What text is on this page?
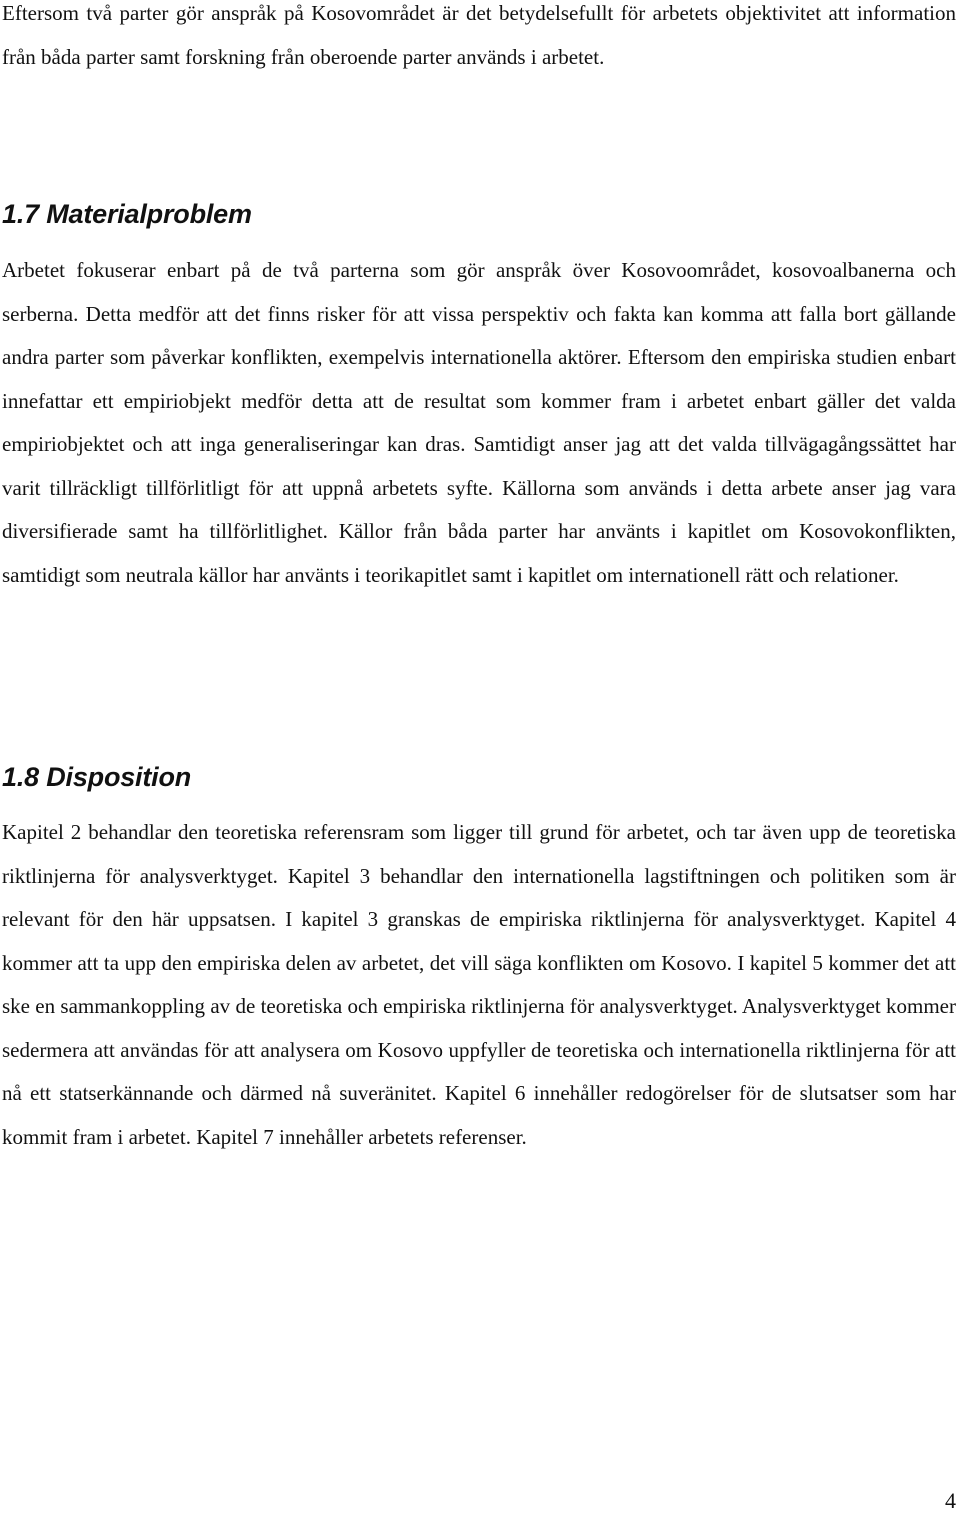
Eftersom två parter gör anspråk på Kosovområdet är det betydelsefullt för arbetets objektivitet att information från båda parter samt forskning från oberoende parter används i arbetet.

1.7 Materialproblem

Arbetet fokuserar enbart på de två parterna som gör anspråk över Kosovoområdet, kosovoalbanerna och serberna. Detta medför att det finns risker för att vissa perspektiv och fakta kan komma att falla bort gällande andra parter som påverkar konflikten, exempelvis internationella aktörer. Eftersom den empiriska studien enbart innefattar ett empiriobjekt medför detta att de resultat som kommer fram i arbetet enbart gäller det valda empiriobjektet och att inga generaliseringar kan dras. Samtidigt anser jag att det valda tillvägagångssättet har varit tillräckligt tillförlitligt för att uppnå arbetets syfte. Källorna som används i detta arbete anser jag vara diversifierade samt ha tillförlitlighet. Källor från båda parter har använts i kapitlet om Kosovokonflikten, samtidigt som neutrala källor har använts i teorikapitlet samt i kapitlet om internationell rätt och relationer.

1.8 Disposition

Kapitel 2 behandlar den teoretiska referensram som ligger till grund för arbetet, och tar även upp de teoretiska riktlinjerna för analysverktyget. Kapitel 3 behandlar den internationella lagstiftningen och politiken som är relevant för den här uppsatsen. I kapitel 3 granskas de empiriska riktlinjerna för analysverktyget. Kapitel 4 kommer att ta upp den empiriska delen av arbetet, det vill säga konflikten om Kosovo. I kapitel 5 kommer det att ske en sammankoppling av de teoretiska och empiriska riktlinjerna för analysverktyget. Analysverktyget kommer sedermera att användas för att analysera om Kosovo uppfyller de teoretiska och internationella riktlinjerna för att nå ett statserkännande och därmed nå suveränitet. Kapitel 6 innehåller redogörelser för de slutsatser som har kommit fram i arbetet. Kapitel 7 innehåller arbetets referenser.

4
